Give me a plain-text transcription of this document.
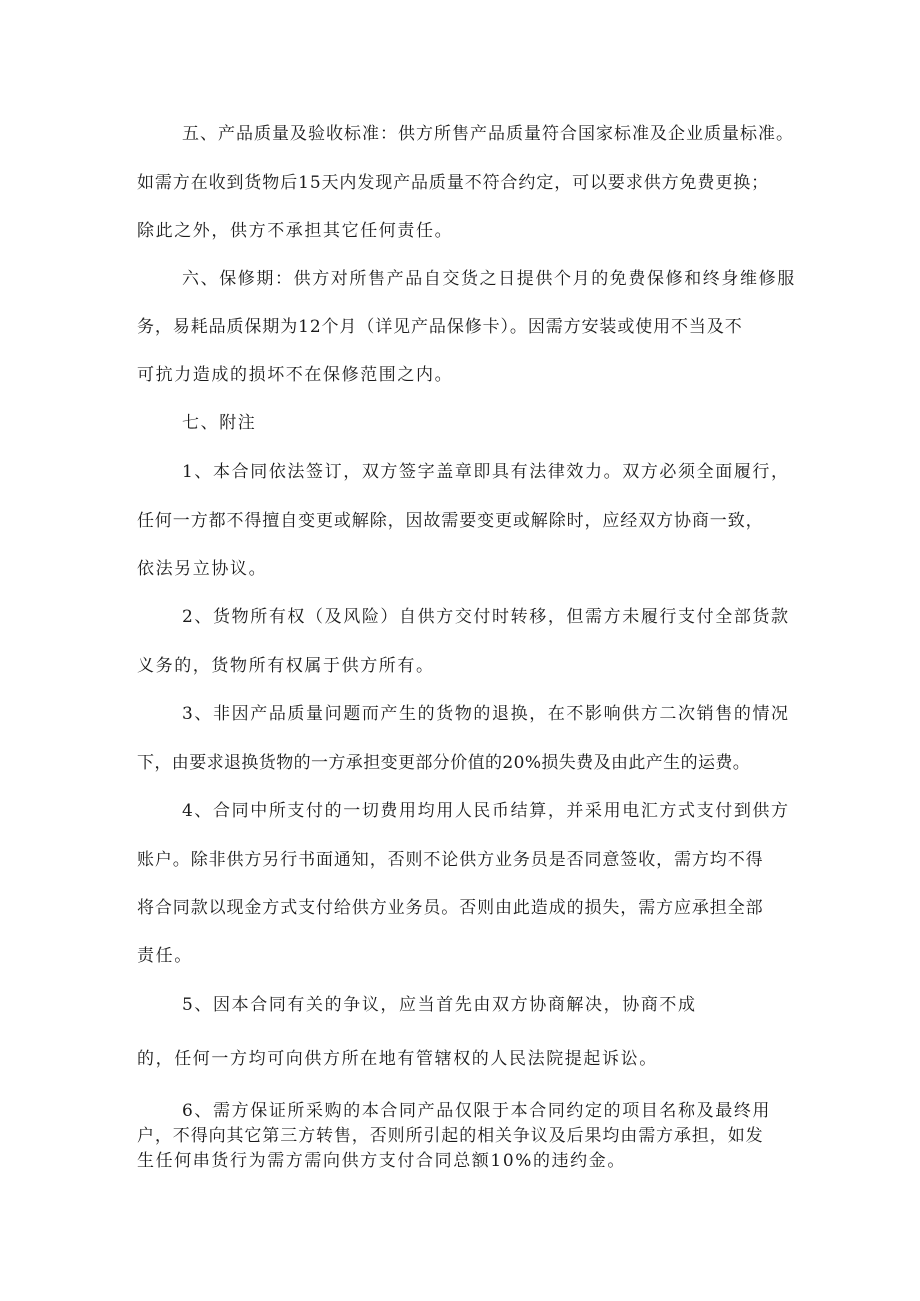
五、产品质量及验收标准：供方所售产品质量符合国家标准及企业质量标准。
如需方在收到货物后15天内发现产品质量不符合约定，可以要求供方免费更换；
除此之外，供方不承担其它任何责任。
六、保修期：供方对所售产品自交货之日提供个月的免费保修和终身维修服
务，易耗品质保期为12个月（详见产品保修卡）。因需方安装或使用不当及不
可抗力造成的损坏不在保修范围之内。
七、附注
1、本合同依法签订，双方签字盖章即具有法律效力。双方必须全面履行，
任何一方都不得擅自变更或解除，因故需要变更或解除时，应经双方协商一致，
依法另立协议。
2、货物所有权（及风险）自供方交付时转移，但需方未履行支付全部货款
义务的，货物所有权属于供方所有。
3、非因产品质量问题而产生的货物的退换，在不影响供方二次销售的情况
下，由要求退换货物的一方承担变更部分价值的20%损失费及由此产生的运费。
4、合同中所支付的一切费用均用人民币结算，并采用电汇方式支付到供方
账户。除非供方另行书面通知，否则不论供方业务员是否同意签收，需方均不得
将合同款以现金方式支付给供方业务员。否则由此造成的损失，需方应承担全部
责任。
5、因本合同有关的争议，应当首先由双方协商解决，协商不成
的，任何一方均可向供方所在地有管辖权的人民法院提起诉讼。
6、需方保证所采购的本合同产品仅限于本合同约定的项目名称及最终用
户，不得向其它第三方转售，否则所引起的相关争议及后果均由需方承担，如发
生任何串货行为需方需向供方支付合同总额10%的违约金。
